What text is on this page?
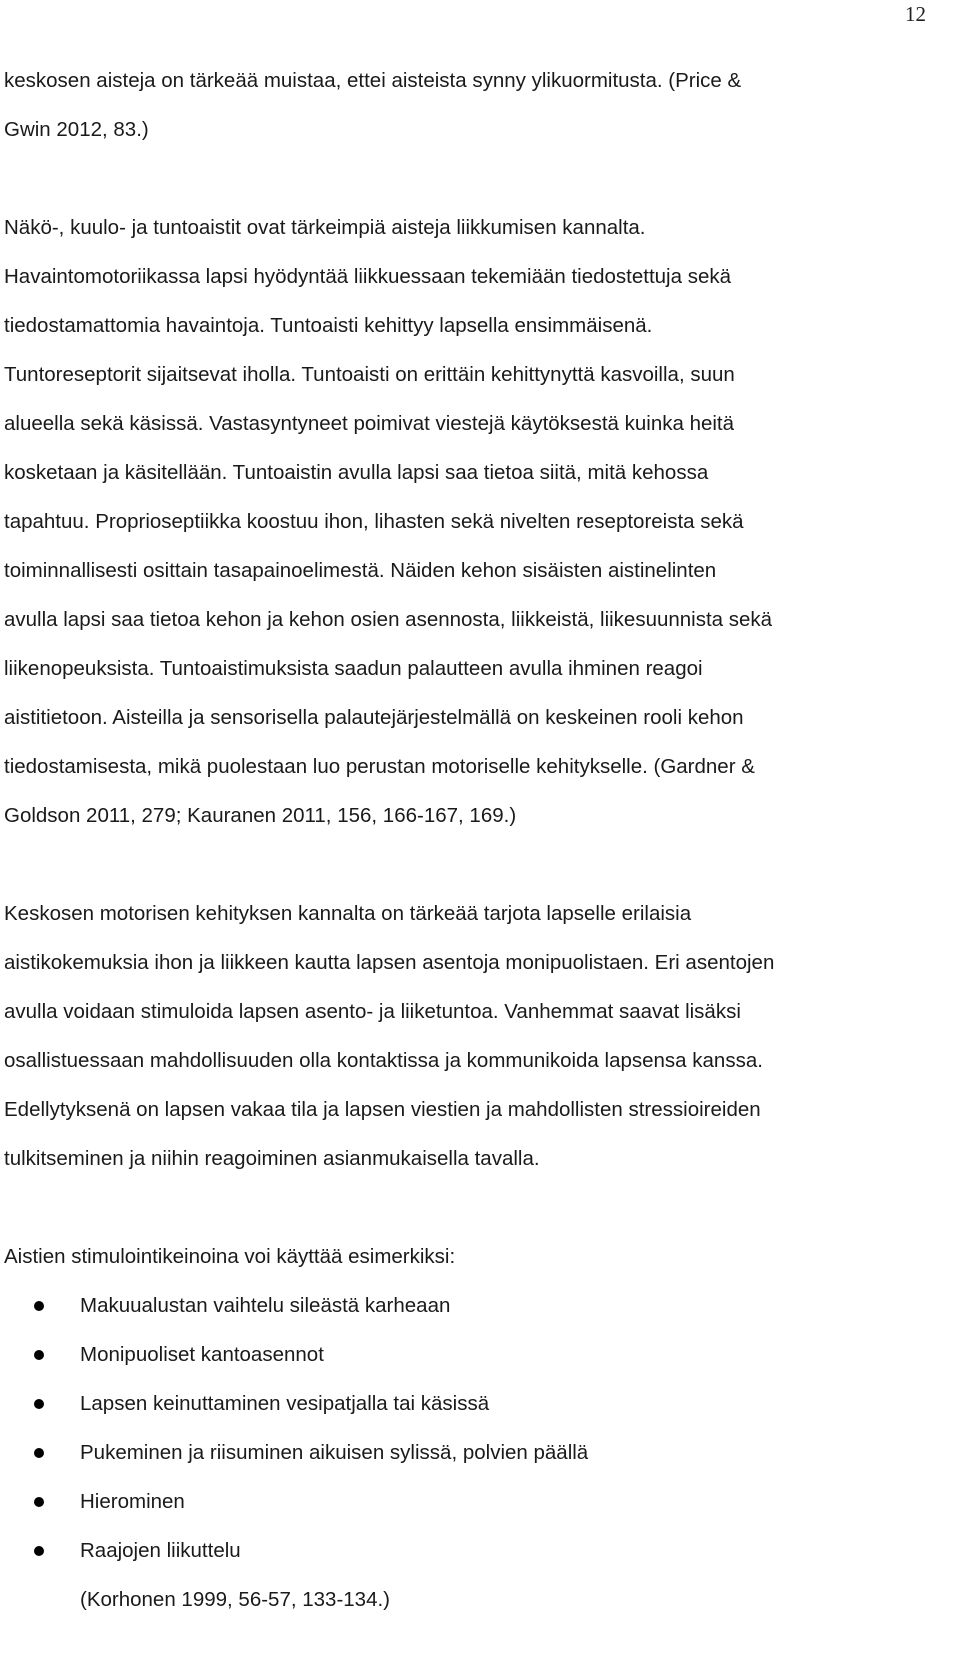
12
keskosen aisteja on tärkeää muistaa, ettei aisteista synny ylikuormitusta. (Price &
Gwin 2012, 83.)
Näkö-, kuulo- ja tuntoaistit ovat tärkeimpiä aisteja liikkumisen kannalta.
Havaintomotoriikassa lapsi hyödyntää liikkuessaan tekemiään tiedostettuja sekä
tiedostamattomia havaintoja. Tuntoaisti kehittyy lapsella ensimmäisenä.
Tuntoreseptorit sijaitsevat iholla. Tuntoaisti on erittäin kehittynyttä kasvoilla, suun
alueella sekä käsissä. Vastasyntyneet poimivat viestejä käytöksestä kuinka heitä
kosketaan ja käsitellään. Tuntoaistin avulla lapsi saa tietoa siitä, mitä kehossa
tapahtuu. Proprioseptiikka koostuu ihon, lihasten sekä nivelten reseptoreista sekä
toiminnallisesti osittain tasapainoelimestä. Näiden kehon sisäisten aistinelinten
avulla lapsi saa tietoa kehon ja kehon osien asennosta, liikkeistä, liikesuunnista sekä
liikenopeuksista. Tuntoaistimuksista saadun palautteen avulla ihminen reagoi
aistitietoon. Aisteilla ja sensorisella palautejärjestelmällä on keskeinen rooli kehon
tiedostamisesta, mikä puolestaan luo perustan motoriselle kehitykselle. (Gardner &
Goldson 2011, 279; Kauranen 2011, 156, 166-167, 169.)
Keskosen motorisen kehityksen kannalta on tärkeää tarjota lapselle erilaisia
aistikokemuksia ihon ja liikkeen kautta lapsen asentoja monipuolistaen. Eri asentojen
avulla voidaan stimuloida lapsen asento- ja liiketuntoa. Vanhemmat saavat lisäksi
osallistuessaan mahdollisuuden olla kontaktissa ja kommunikoida lapsensa kanssa.
Edellytyksenä on lapsen vakaa tila ja lapsen viestien ja mahdollisten stressioireiden
tulkitseminen ja niihin reagoiminen asianmukaisella tavalla.
Aistien stimulointikeinoina voi käyttää esimerkiksi:
Makuualustan vaihtelu sileästä karheaan
Monipuoliset kantoasennot
Lapsen keinuttaminen vesipatjalla tai käsissä
Pukeminen ja riisuminen aikuisen sylissä, polvien päällä
Hierominen
Raajojen liikuttelu
(Korhonen 1999, 56-57, 133-134.)
